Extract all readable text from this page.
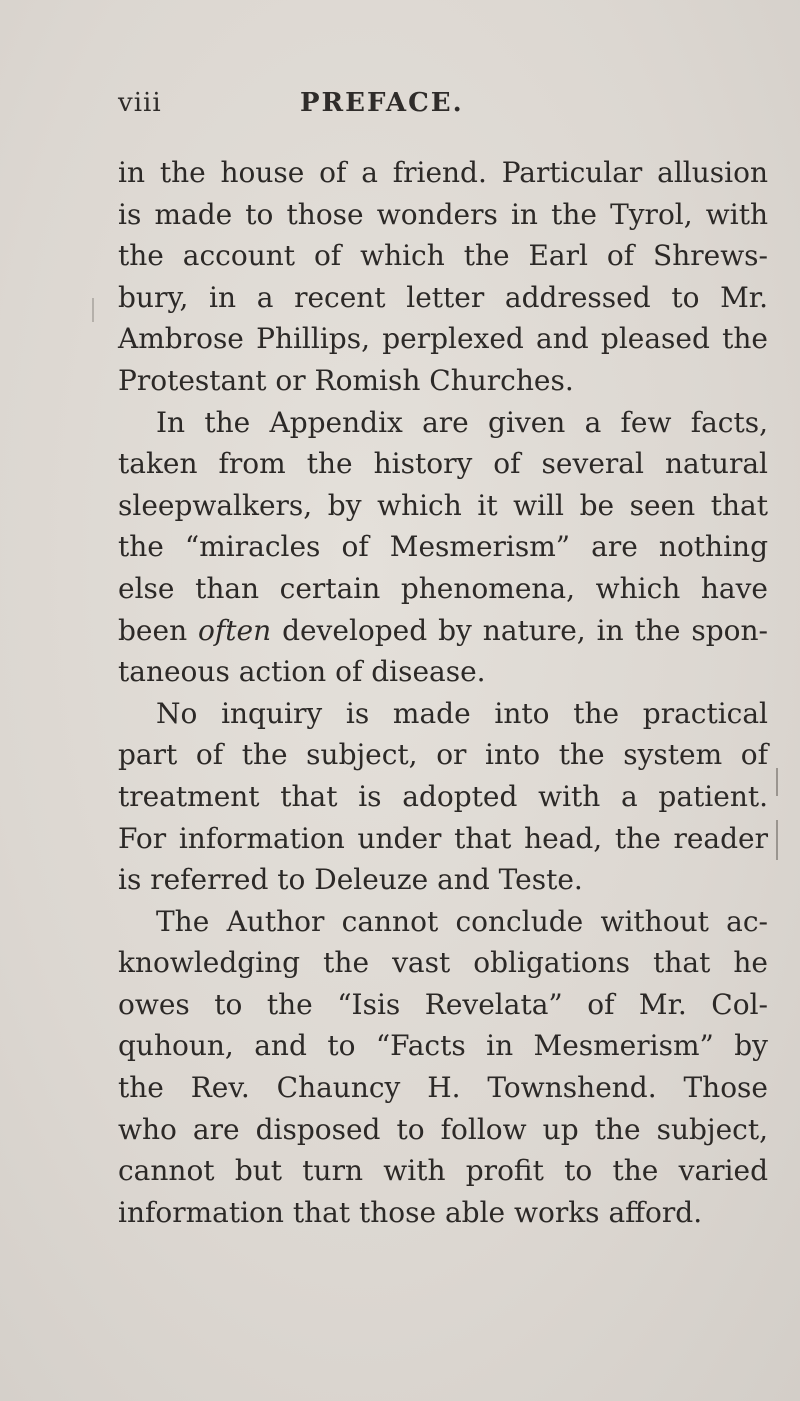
viii	PREFACE.
in the house of a friend. Particular allusion
is made to those wonders in the Tyrol, with
the account of which the Earl of Shrews-
bury, in a recent letter addressed to Mr.
Ambrose Phillips, perplexed and pleased the
Protestant or Romish Churches.
In the Appendix are given a few facts,
taken from the history of several natural
sleepwalkers, by which it will be seen that
the “miracles of Mesmerism” are nothing
else than certain phenomena, which have
been often developed by nature, in the spon-
taneous action of disease.
No inquiry is made into the practical
part of the subject, or into the system of
treatment that is adopted with a patient.
For information under that head, the reader
is referred to Deleuze and Teste.
The Author cannot conclude without ac-
knowledging the vast obligations that he
owes to the “Isis Revelata” of Mr. Col-
quhoun, and to “Facts in Mesmerism” by
the Rev. Chauncy H. Townshend. Those
who are disposed to follow up the subject,
cannot but turn with profit to the varied
information that those able works afford.
